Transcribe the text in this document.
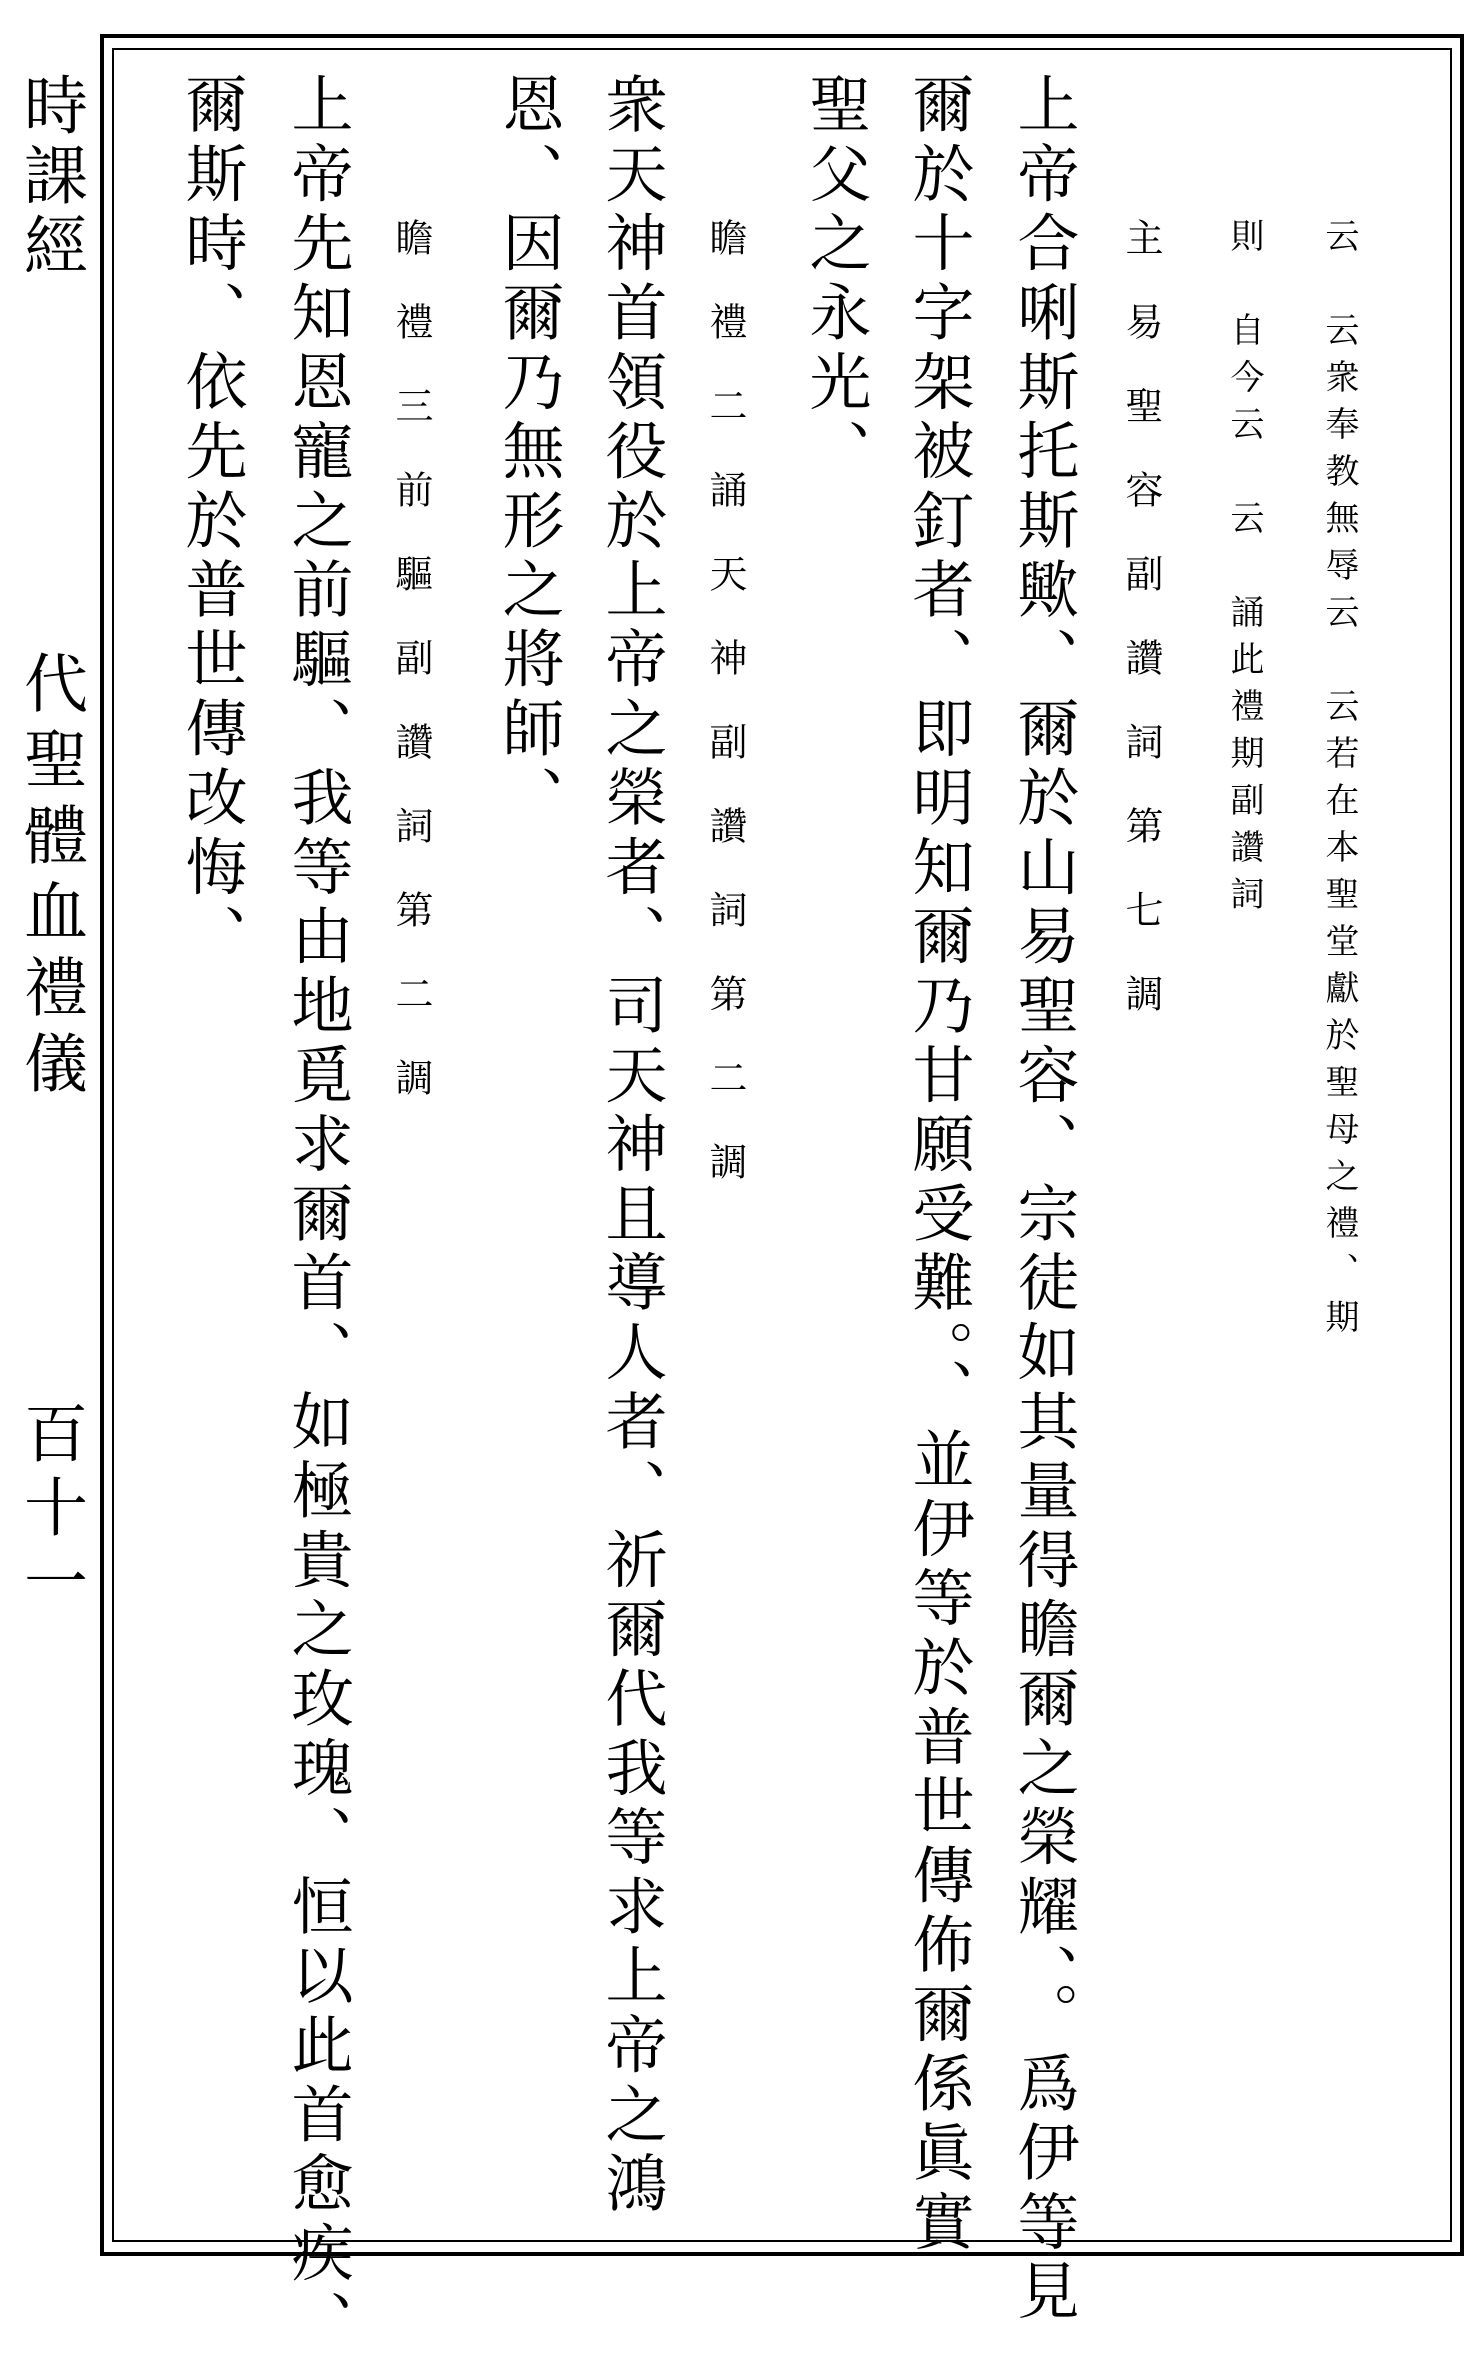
時課經
代聖體血禮儀
百十一
云　云衆奉教無辱云　云若在本聖堂獻於聖母之禮、期
則　自今云　云　誦此禮期副讚詞
主易聖容副讚詞第七調
上帝合唎斯托斯歟、爾於山易聖容、宗徒如其量得瞻爾之榮耀、。爲伊等見
爾於十字架被釘者、即明知爾乃甘願受難。、並伊等於普世傳佈爾係眞實
聖父之永光、
瞻禮二誦天神副讚詞第二調
衆天神首領役於上帝之榮者、司天神且導人者、祈爾代我等求上帝之鴻
恩、因爾乃無形之將師、
瞻禮三前驅副讚詞第二調
上帝先知恩寵之前驅、我等由地覓求爾首、如極貴之玫瑰、恒以此首愈疾、
爾斯時、依先於普世傳改悔、
